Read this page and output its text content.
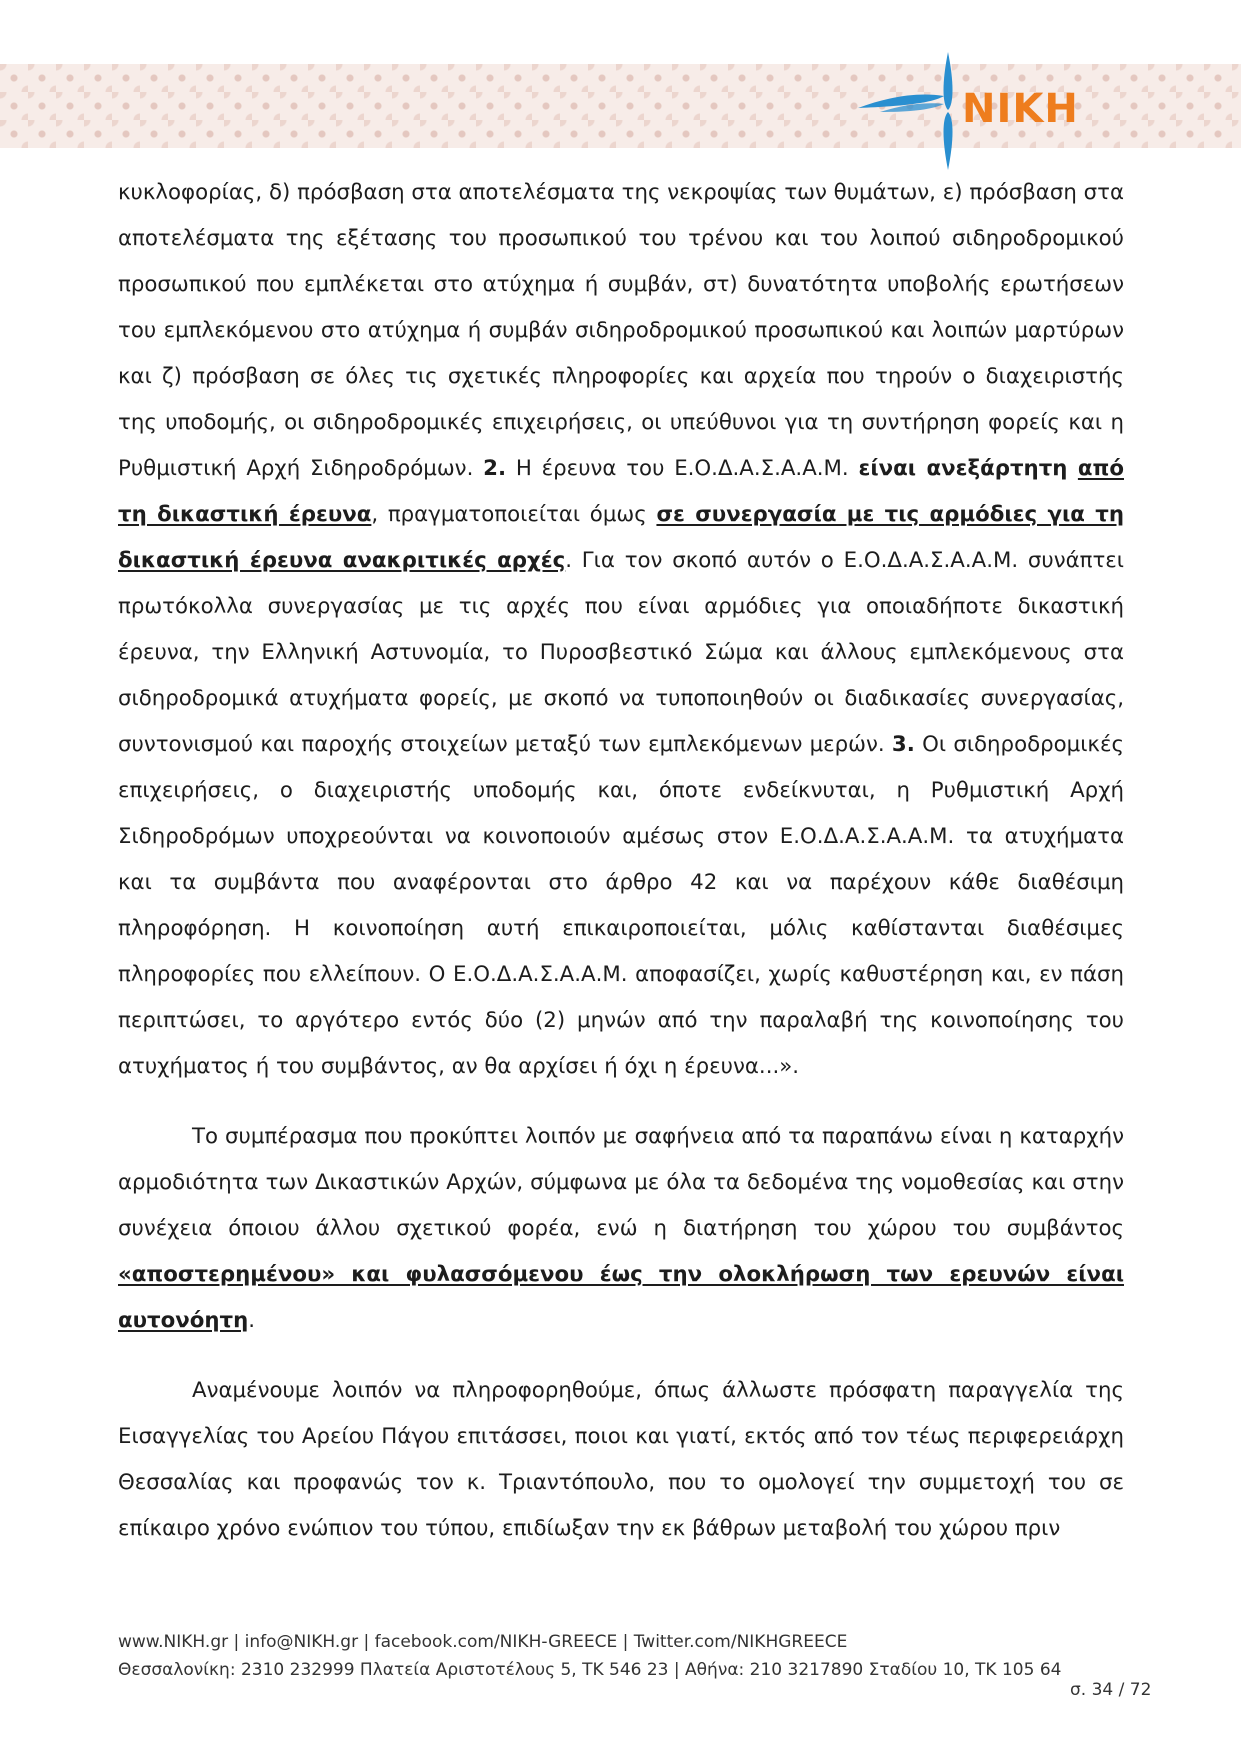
NIKH

κυκλοφορίας, δ) πρόσβαση στα αποτελέσματα της νεκροψίας των θυμάτων, ε) πρόσβαση στα αποτελέσματα της εξέτασης του προσωπικού του τρένου και του λοιπού σιδηροδρομικού προσωπικού που εμπλέκεται στο ατύχημα ή συμβάν, στ) δυνατότητα υποβολής ερωτήσεων του εμπλεκόμενου στο ατύχημα ή συμβάν σιδηροδρομικού προσωπικού και λοιπών μαρτύρων και ζ) πρόσβαση σε όλες τις σχετικές πληροφορίες και αρχεία που τηρούν ο διαχειριστής της υποδομής, οι σιδηροδρομικές επιχειρήσεις, οι υπεύθυνοι για τη συντήρηση φορείς και η Ρυθμιστική Αρχή Σιδηροδρόμων. 2. Η έρευνα του Ε.Ο.Δ.Α.Σ.Α.Α.Μ. είναι ανεξάρτητη από τη δικαστική έρευνα, πραγματοποιείται όμως σε συνεργασία με τις αρμόδιες για τη δικαστική έρευνα ανακριτικές αρχές. Για τον σκοπό αυτόν ο Ε.Ο.Δ.Α.Σ.Α.Α.Μ. συνάπτει πρωτόκολλα συνεργασίας με τις αρχές που είναι αρμόδιες για οποιαδήποτε δικαστική έρευνα, την Ελληνική Αστυνομία, το Πυροσβεστικό Σώμα και άλλους εμπλεκόμενους στα σιδηροδρομικά ατυχήματα φορείς, με σκοπό να τυποποιηθούν οι διαδικασίες συνεργασίας, συντονισμού και παροχής στοιχείων μεταξύ των εμπλεκόμενων μερών. 3. Οι σιδηροδρομικές επιχειρήσεις, ο διαχειριστής υποδομής και, όποτε ενδείκνυται, η Ρυθμιστική Αρχή Σιδηροδρόμων υποχρεούνται να κοινοποιούν αμέσως στον Ε.Ο.Δ.Α.Σ.Α.Α.Μ. τα ατυχήματα και τα συμβάντα που αναφέρονται στο άρθρο 42 και να παρέχουν κάθε διαθέσιμη πληροφόρηση. Η κοινοποίηση αυτή επικαιροποιείται, μόλις καθίστανται διαθέσιμες πληροφορίες που ελλείπουν. Ο Ε.Ο.Δ.Α.Σ.Α.Α.Μ. αποφασίζει, χωρίς καθυστέρηση και, εν πάση περιπτώσει, το αργότερο εντός δύο (2) μηνών από την παραλαβή της κοινοποίησης του ατυχήματος ή του συμβάντος, αν θα αρχίσει ή όχι η έρευνα...».

Το συμπέρασμα που προκύπτει λοιπόν με σαφήνεια από τα παραπάνω είναι η καταρχήν αρμοδιότητα των Δικαστικών Αρχών, σύμφωνα με όλα τα δεδομένα της νομοθεσίας και στην συνέχεια όποιου άλλου σχετικού φορέα, ενώ η διατήρηση του χώρου του συμβάντος «αποστερημένου» και φυλασσόμενου έως την ολοκλήρωση των ερευνών είναι αυτονόητη.

Αναμένουμε λοιπόν να πληροφορηθούμε, όπως άλλωστε πρόσφατη παραγγελία της Εισαγγελίας του Αρείου Πάγου επιτάσσει, ποιοι και γιατί, εκτός από τον τέως περιφερειάρχη Θεσσαλίας και προφανώς τον κ. Τριαντόπουλο, που το ομολογεί την συμμετοχή του σε επίκαιρο χρόνο ενώπιον του τύπου, επιδίωξαν την εκ βάθρων μεταβολή του χώρου πριν

www.NIKH.gr | info@NIKH.gr | facebook.com/NIKH-GREECE | Twitter.com/NIKHGREECE
Θεσσαλονίκη: 2310 232999 Πλατεία Αριστοτέλους 5, ΤΚ 546 23 | Αθήνα: 210 3217890 Σταδίου 10, ΤΚ 105 64
σ. 34 / 72
